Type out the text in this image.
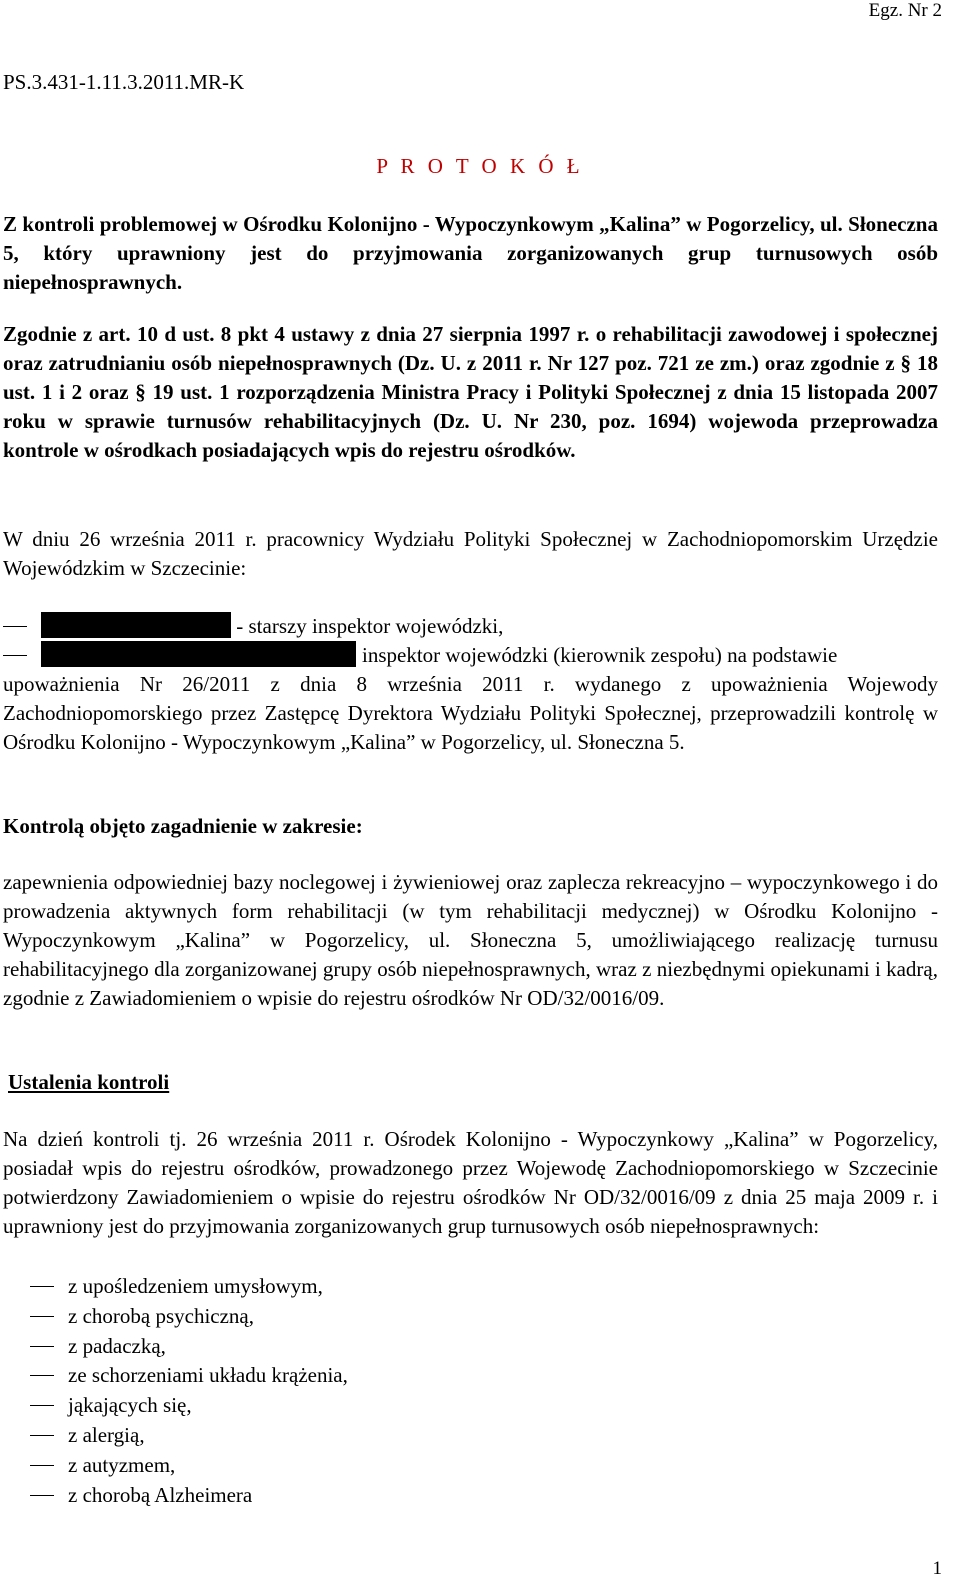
Egz. Nr 2
PS.3.431-1.11.3.2011.MR-K
P R O T O K Ó Ł

Z kontroli problemowej w Ośrodku Kolonijno - Wypoczynkowym „Kalina” w Pogorzelicy, ul. Słoneczna 5, który uprawniony jest do przyjmowania zorganizowanych grup turnusowych osób niepełnosprawnych.

Zgodnie z art. 10 d ust. 8 pkt 4 ustawy z dnia 27 sierpnia 1997 r. o rehabilitacji zawodowej i społecznej oraz zatrudnianiu osób niepełnosprawnych (Dz. U. z 2011 r. Nr 127 poz. 721 ze zm.) oraz zgodnie z § 18 ust. 1 i 2 oraz § 19 ust. 1 rozporządzenia Ministra Pracy i Polityki Społecznej z dnia 15 listopada 2007 roku w sprawie turnusów rehabilitacyjnych (Dz. U. Nr 230, poz. 1694) wojewoda przeprowadza kontrole w ośrodkach posiadających wpis do rejestru ośrodków.

W dniu 26 września 2011 r. pracownicy Wydziału Polityki Społecznej w Zachodniopomorskim Urzędzie Wojewódzkim w Szczecinie:

- starszy inspektor wojewódzki,
inspektor wojewódzki (kierownik zespołu) na podstawie

upoważnienia Nr 26/2011 z dnia 8 września 2011 r. wydanego z upoważnienia Wojewody Zachodniopomorskiego przez Zastępcę Dyrektora Wydziału Polityki Społecznej, przeprowadzili kontrolę w Ośrodku Kolonijno - Wypoczynkowym „Kalina” w Pogorzelicy, ul. Słoneczna 5.

Kontrolą objęto zagadnienie w zakresie:

zapewnienia odpowiedniej bazy noclegowej i żywieniowej oraz zaplecza rekreacyjno – wypoczynkowego i do prowadzenia aktywnych form rehabilitacji (w tym rehabilitacji medycznej) w Ośrodku Kolonijno - Wypoczynkowym „Kalina” w Pogorzelicy, ul. Słoneczna 5, umożliwiającego realizację turnusu rehabilitacyjnego dla zorganizowanej grupy osób niepełnosprawnych, wraz z niezbędnymi opiekunami i kadrą, zgodnie z Zawiadomieniem o wpisie do rejestru ośrodków Nr OD/32/0016/09.

Ustalenia kontroli

Na dzień kontroli tj. 26 września 2011 r. Ośrodek Kolonijno - Wypoczynkowy „Kalina” w Pogorzelicy, posiadał wpis do rejestru ośrodków, prowadzonego przez Wojewodę Zachodniopomorskiego w Szczecinie potwierdzony Zawiadomieniem o wpisie do rejestru ośrodków Nr OD/32/0016/09 z dnia 25 maja 2009 r. i uprawniony jest do przyjmowania zorganizowanych grup turnusowych osób niepełnosprawnych:

z upośledzeniem umysłowym,
z chorobą psychiczną,
z padaczką,
ze schorzeniami układu krążenia,
jąkających się,
z alergią,
z autyzmem,
z chorobą Alzheimera
1
